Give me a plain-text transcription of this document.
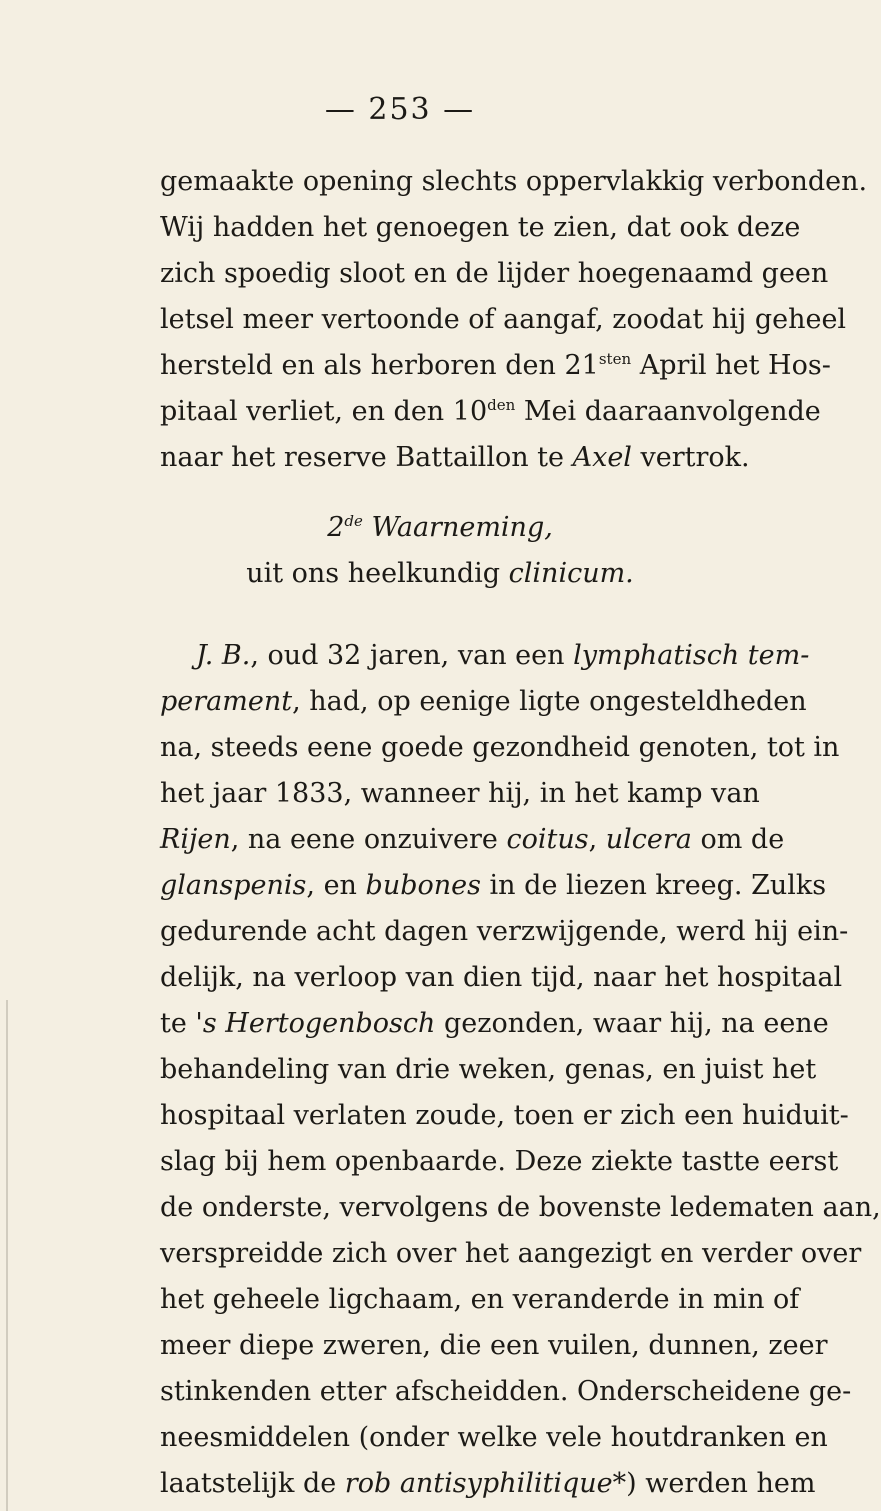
— 253 —
gemaakte opening slechts oppervlakkig verbonden.
Wij hadden het genoegen te zien, dat ook deze
zich spoedig sloot en de lijder hoegenaamd geen
letsel meer vertoonde of aangaf, zoodat hij geheel
hersteld en als herboren den $21^{sten}$ April het Hos-
pitaal verliet, en den $10^{den}$ Mei daaraanvolgende
naar het reserve Battaillon te Axel vertrok.
2de Waarneming,
uit ons heelkundig clinicum.
J. B., oud 32 jaren, van een lymphatisch tem-
perament, had, op eenige ligte ongesteldheden
na, steeds eene goede gezondheid genoten, tot in
het jaar 1833, wanneer hij, in het kamp van
Rijen, na eene onzuivere coitus, ulcera om de
glanspenis, en bubones in de liezen kreeg. Zulks
gedurende acht dagen verzwijgende, werd hij ein-
delijk, na verloop van dien tijd, naar het hospitaal
te 's Hertogenbosch gezonden, waar hij, na eene
behandeling van drie weken, genas, en juist het
hospitaal verlaten zoude, toen er zich een huiduit-
slag bij hem openbaarde. Deze ziekte tastte eerst
de onderste, vervolgens de bovenste ledematen aan,
verspreidde zich over het aangezigt en verder over
het geheele ligchaam, en veranderde in min of
meer diepe zweren, die een vuilen, dunnen, zeer
stinkenden etter afscheidden. Onderscheidene ge-
neesmiddelen (onder welke vele houtdranken en
laatstelijk de rob antisyphilitique*) werden hem
